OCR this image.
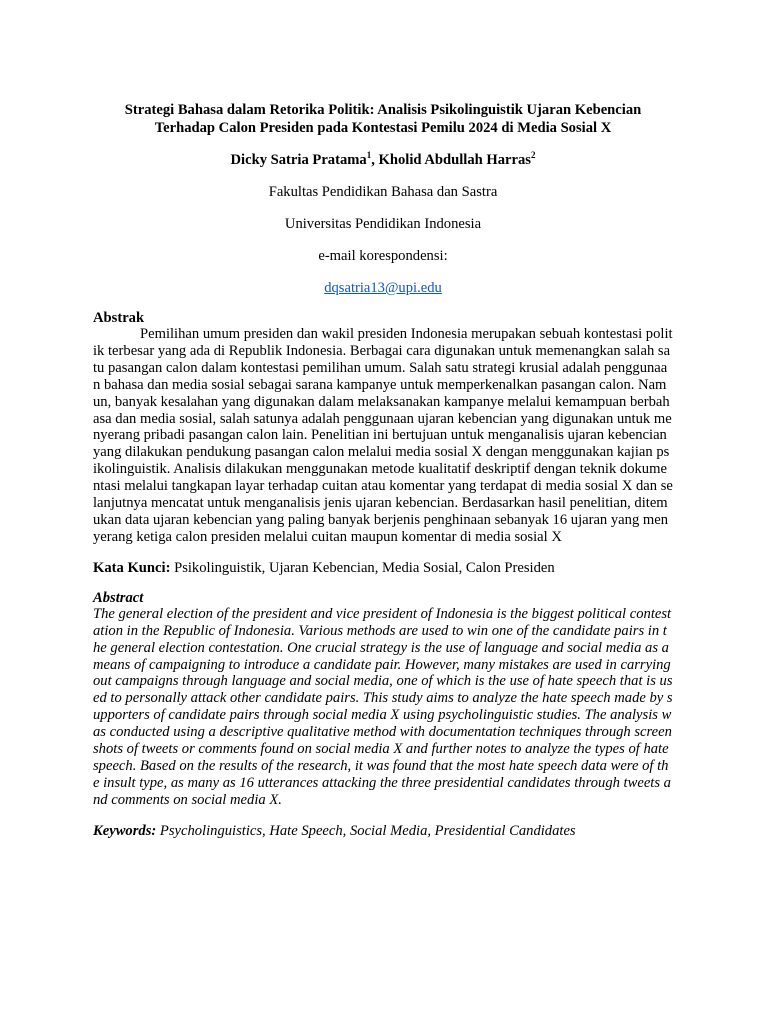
Strategi Bahasa dalam Retorika Politik: Analisis Psikolinguistik Ujaran Kebencian Terhadap Calon Presiden pada Kontestasi Pemilu 2024 di Media Sosial X

Dicky Satria Pratama$^1$, Kholid Abdullah Harras$^2$
Fakultas Pendidikan Bahasa dan Sastra
Universitas Pendidikan Indonesia
e-mail korespondensi:
dqsatria13@upi.edu
Abstrak

Pemilihan umum presiden dan wakil presiden Indonesia merupakan sebuah kontestasi politik terbesar yang ada di Republik Indonesia. Berbagai cara digunakan untuk memenangkan salah satu pasangan calon dalam kontestasi pemilihan umum. Salah satu strategi krusial adalah penggunaan bahasa dan media sosial sebagai sarana kampanye untuk memperkenalkan pasangan calon. Namun, banyak kesalahan yang digunakan dalam melaksanakan kampanye melalui kemampuan berbahasa dan media sosial, salah satunya adalah penggunaan ujaran kebencian yang digunakan untuk menyerang pribadi pasangan calon lain. Penelitian ini bertujuan untuk menganalisis ujaran kebencian yang dilakukan pendukung pasangan calon melalui media sosial X dengan menggunakan kajian psikolinguistik. Analisis dilakukan menggunakan metode kualitatif deskriptif dengan teknik dokumentasi melalui tangkapan layar terhadap cuitan atau komentar yang terdapat di media sosial X dan selanjutnya mencatat untuk menganalisis jenis ujaran kebencian. Berdasarkan hasil penelitian, ditemukan data ujaran kebencian yang paling banyak berjenis penghinaan sebanyak 16 ujaran yang menyerang ketiga calon presiden melalui cuitan maupun komentar di media sosial X

Kata Kunci: Psikolinguistik, Ujaran Kebencian, Media Sosial, Calon Presiden
Abstract

The general election of the president and vice president of Indonesia is the biggest political contestation in the Republic of Indonesia. Various methods are used to win one of the candidate pairs in the general election contestation. One crucial strategy is the use of language and social media as a means of campaigning to introduce a candidate pair. However, many mistakes are used in carrying out campaigns through language and social media, one of which is the use of hate speech that is used to personally attack other candidate pairs. This study aims to analyze the hate speech made by supporters of candidate pairs through social media X using psycholinguistic studies. The analysis was conducted using a descriptive qualitative method with documentation techniques through screenshots of tweets or comments found on social media X and further notes to analyze the types of hate speech. Based on the results of the research, it was found that the most hate speech data were of the insult type, as many as 16 utterances attacking the three presidential candidates through tweets and comments on social media X.

Keywords: Psycholinguistics, Hate Speech, Social Media, Presidential Candidates
